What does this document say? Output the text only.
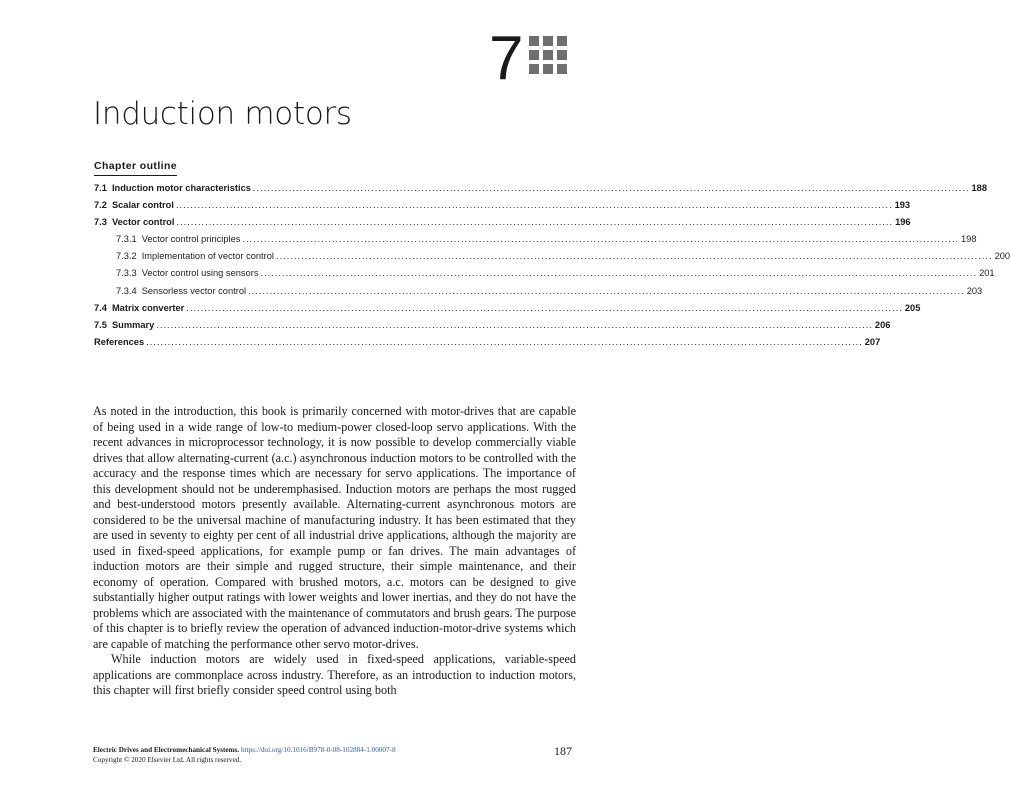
7
Induction motors
Chapter outline
7.1 Induction motor characteristics ........................................................................................................................................................................................................ 188
7.2 Scalar control ........................................................................................................................................................................................................ 193
7.3 Vector control ........................................................................................................................................................................................................ 196
7.3.1 Vector control principles ........................................................................................................................................................................................................ 198
7.3.2 Implementation of vector control ........................................................................................................................................................................................................ 200
7.3.3 Vector control using sensors ........................................................................................................................................................................................................ 201
7.3.4 Sensorless vector control ........................................................................................................................................................................................................ 203
7.4 Matrix converter ........................................................................................................................................................................................................ 205
7.5 Summary ........................................................................................................................................................................................................ 206
References ........................................................................................................................................................................................................ 207

As noted in the introduction, this book is primarily concerned with motor-drives that are capable of being used in a wide range of low-to medium-power closed-loop servo applications. With the recent advances in microprocessor technology, it is now possible to develop commercially viable drives that allow alternating-current (a.c.) asynchronous induction motors to be controlled with the accuracy and the response times which are necessary for servo applications. The importance of this development should not be underemphasised. Induction motors are perhaps the most rugged and best-understood motors presently available. Alternating-current asynchronous motors are considered to be the universal machine of manufacturing industry. It has been estimated that they are used in seventy to eighty per cent of all industrial drive applications, although the majority are used in fixed-speed applications, for example pump or fan drives. The main advantages of induction motors are their simple and rugged structure, their simple maintenance, and their economy of operation. Compared with brushed motors, a.c. motors can be designed to give substantially higher output ratings with lower weights and lower inertias, and they do not have the problems which are associated with the maintenance of commutators and brush gears. The purpose of this chapter is to briefly review the operation of advanced induction-motor-drive systems which are capable of matching the performance other servo motor-drives.

While induction motors are widely used in fixed-speed applications, variable-speed applications are commonplace across industry. Therefore, as an introduction to induction motors, this chapter will first briefly consider speed control using both

Electric Drives and Electromechanical Systems. https://doi.org/10.1016/B978-0-08-102884-1.00007-8
Copyright © 2020 Elsevier Ltd. All rights reserved.
187
